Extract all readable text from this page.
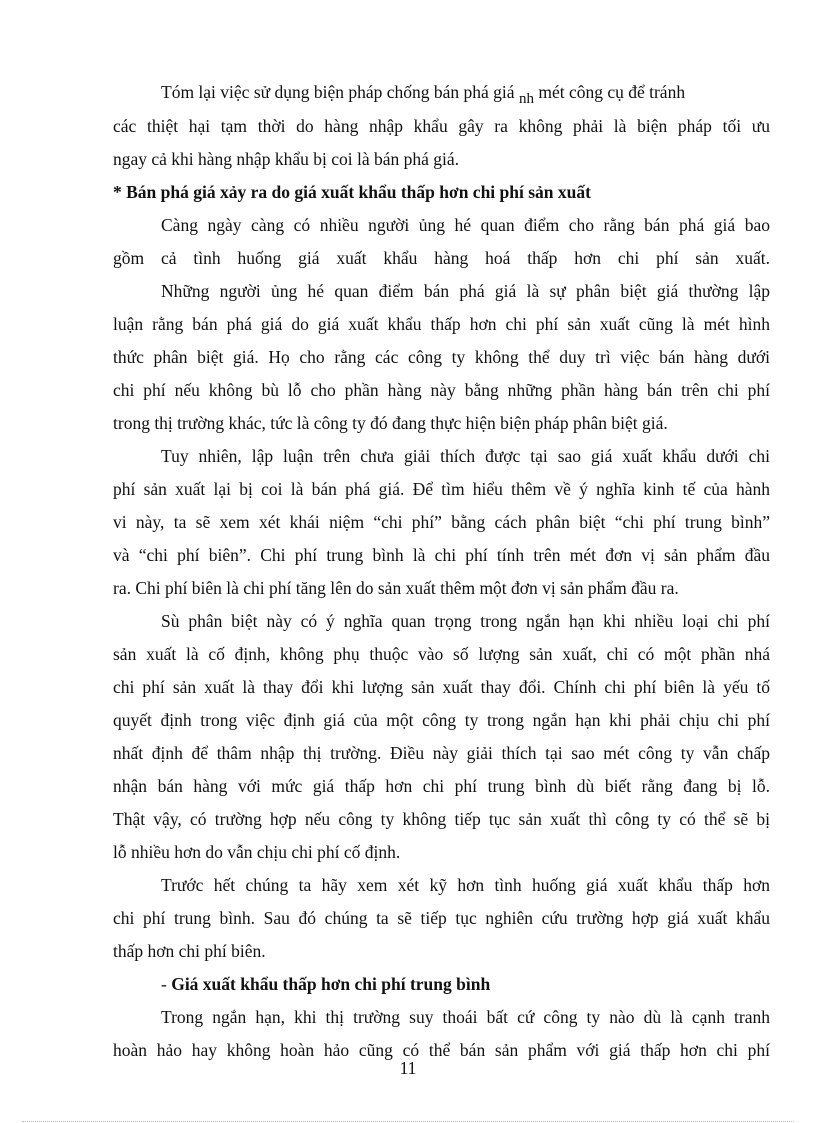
Tóm lại việc sử dụng biện pháp chống bán phá giá nh mét công cụ để tránh
các thiệt hại tạm thời do hàng nhập khẩu gây ra không phải là biện pháp tối ưu
ngay cả khi hàng nhập khẩu bị coi là bán phá giá.
* Bán phá giá xảy ra do giá xuất khẩu thấp hơn chi phí sản xuất
Càng ngày càng có nhiều người ủng hé quan điểm cho rằng bán phá giá bao
gồm cả tình huống giá xuất khẩu hàng hoá thấp hơn chi phí sản xuất.
Những người ủng hé quan điểm bán phá giá là sự phân biệt giá thường lập
luận rằng bán phá giá do giá xuất khẩu thấp hơn chi phí sản xuất cũng là mét hình
thức phân biệt giá. Họ cho rằng các công ty không thể duy trì việc bán hàng dưới
chi phí nếu không bù lỗ cho phần hàng này bằng những phần hàng bán trên chi phí
trong thị trường khác, tức là công ty đó đang thực hiện biện pháp phân biệt giá.
Tuy nhiên, lập luận trên chưa giải thích được tại sao giá xuất khẩu dưới chi
phí sản xuất lại bị coi là bán phá giá. Để tìm hiểu thêm về ý nghĩa kinh tế của hành
vi này, ta sẽ xem xét khái niệm “chi phí” bằng cách phân biệt “chi phí trung bình”
và “chi phí biên”. Chi phí trung bình là chi phí tính trên mét đơn vị sản phẩm đầu
ra. Chi phí biên là chi phí tăng lên do sản xuất thêm một đơn vị sản phẩm đầu ra.
Sù phân biệt này có ý nghĩa quan trọng trong ngắn hạn khi nhiều loại chi phí
sản xuất là cố định, không phụ thuộc vào số lượng sản xuất, chỉ có một phần nhá
chi phí sản xuất là thay đổi khi lượng sản xuất thay đổi. Chính chi phí biên là yếu tố
quyết định trong việc định giá của một công ty trong ngắn hạn khi phải chịu chi phí
nhất định để thâm nhập thị trường. Điều này giải thích tại sao mét công ty vẫn chấp
nhận bán hàng với mức giá thấp hơn chi phí trung bình dù biết rằng đang bị lỗ.
Thật vậy, có trường hợp nếu công ty không tiếp tục sản xuất thì công ty có thể sẽ bị
lỗ nhiều hơn do vẫn chịu chi phí cố định.
Trước hết chúng ta hãy xem xét kỹ hơn tình huống giá xuất khẩu thấp hơn
chi phí trung bình. Sau đó chúng ta sẽ tiếp tục nghiên cứu trường hợp giá xuất khẩu
thấp hơn chi phí biên.
- Giá xuất khẩu thấp hơn chi phí trung bình
Trong ngắn hạn, khi thị trường suy thoái bất cứ công ty nào dù là cạnh tranh
hoàn hảo hay không hoàn hảo cũng có thể bán sản phẩm với giá thấp hơn chi phí
11
